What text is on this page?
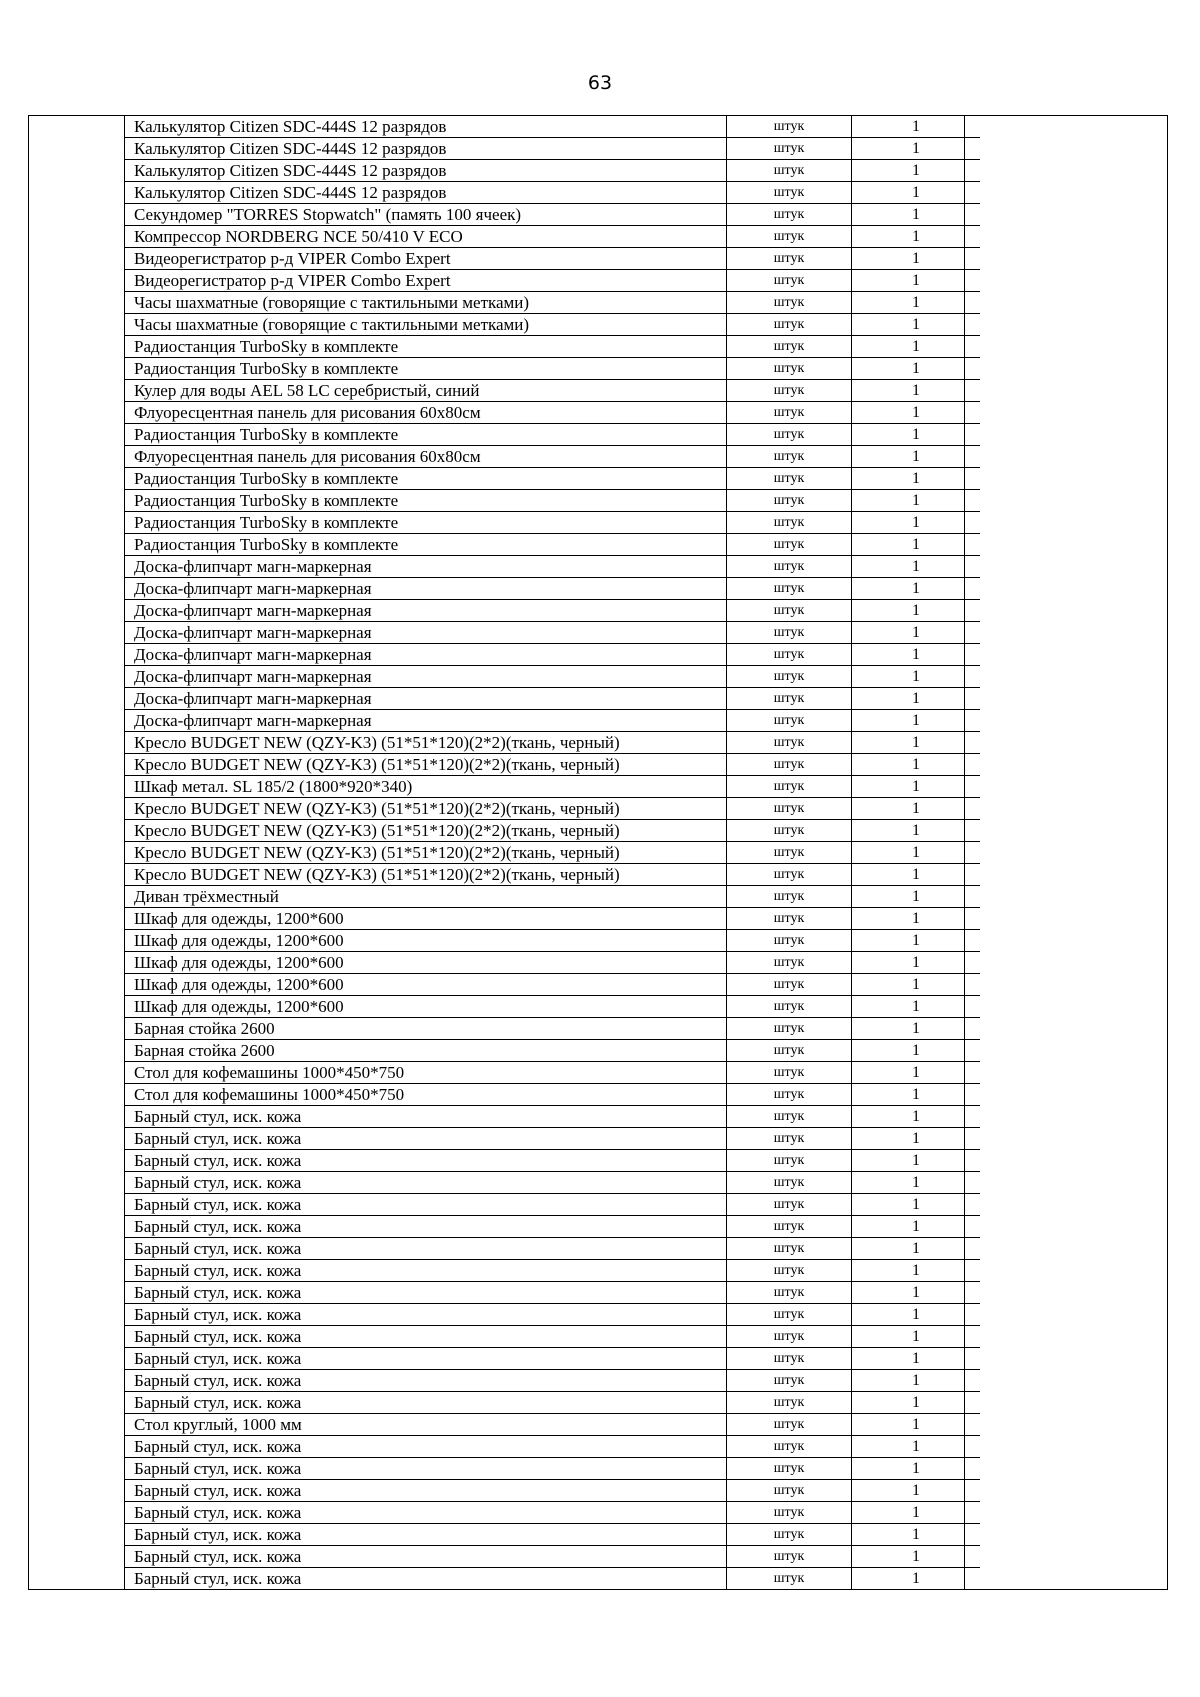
63
Калькулятор Citizen SDC-444S 12 разрядов	штук	1
Калькулятор Citizen SDC-444S 12 разрядов	штук	1
Калькулятор Citizen SDC-444S 12 разрядов	штук	1
Калькулятор Citizen SDC-444S 12 разрядов	штук	1
Секундомер "TORRES Stopwatch" (память 100 ячеек)	штук	1
Компрессор NORDBERG NCE 50/410 V ECO	штук	1
Видеорегистратор р-д VIPER Combo Expert	штук	1
Видеорегистратор р-д VIPER Combo Expert	штук	1
Часы шахматные (говорящие с тактильными метками)	штук	1
Часы шахматные (говорящие с тактильными метками)	штук	1
Радиостанция TurboSky в комплекте	штук	1
Радиостанция TurboSky в комплекте	штук	1
Кулер для воды AEL 58 LC серебристый, синий	штук	1
Флуоресцентная панель для рисования 60х80см	штук	1
Радиостанция TurboSky в комплекте	штук	1
Флуоресцентная панель для рисования 60х80см	штук	1
Радиостанция TurboSky в комплекте	штук	1
Радиостанция TurboSky в комплекте	штук	1
Радиостанция TurboSky в комплекте	штук	1
Радиостанция TurboSky в комплекте	штук	1
Доска-флипчарт магн-маркерная	штук	1
Доска-флипчарт магн-маркерная	штук	1
Доска-флипчарт магн-маркерная	штук	1
Доска-флипчарт магн-маркерная	штук	1
Доска-флипчарт магн-маркерная	штук	1
Доска-флипчарт магн-маркерная	штук	1
Доска-флипчарт магн-маркерная	штук	1
Доска-флипчарт магн-маркерная	штук	1
Кресло BUDGET NEW (QZY-K3) (51*51*120)(2*2)(ткань, черный)	штук	1
Кресло BUDGET NEW (QZY-K3) (51*51*120)(2*2)(ткань, черный)	штук	1
Шкаф метал. SL 185/2 (1800*920*340)	штук	1
Кресло BUDGET NEW (QZY-K3) (51*51*120)(2*2)(ткань, черный)	штук	1
Кресло BUDGET NEW (QZY-K3) (51*51*120)(2*2)(ткань, черный)	штук	1
Кресло BUDGET NEW (QZY-K3) (51*51*120)(2*2)(ткань, черный)	штук	1
Кресло BUDGET NEW (QZY-K3) (51*51*120)(2*2)(ткань, черный)	штук	1
Диван трёхместный	штук	1
Шкаф для одежды, 1200*600	штук	1
Шкаф для одежды, 1200*600	штук	1
Шкаф для одежды, 1200*600	штук	1
Шкаф для одежды, 1200*600	штук	1
Шкаф для одежды, 1200*600	штук	1
Барная стойка 2600	штук	1
Барная стойка 2600	штук	1
Стол для кофемашины 1000*450*750	штук	1
Стол для кофемашины 1000*450*750	штук	1
Барный стул, иск. кожа	штук	1
Барный стул, иск. кожа	штук	1
Барный стул, иск. кожа	штук	1
Барный стул, иск. кожа	штук	1
Барный стул, иск. кожа	штук	1
Барный стул, иск. кожа	штук	1
Барный стул, иск. кожа	штук	1
Барный стул, иск. кожа	штук	1
Барный стул, иск. кожа	штук	1
Барный стул, иск. кожа	штук	1
Барный стул, иск. кожа	штук	1
Барный стул, иск. кожа	штук	1
Барный стул, иск. кожа	штук	1
Барный стул, иск. кожа	штук	1
Стол круглый, 1000 мм	штук	1
Барный стул, иск. кожа	штук	1
Барный стул, иск. кожа	штук	1
Барный стул, иск. кожа	штук	1
Барный стул, иск. кожа	штук	1
Барный стул, иск. кожа	штук	1
Барный стул, иск. кожа	штук	1
Барный стул, иск. кожа	штук	1
